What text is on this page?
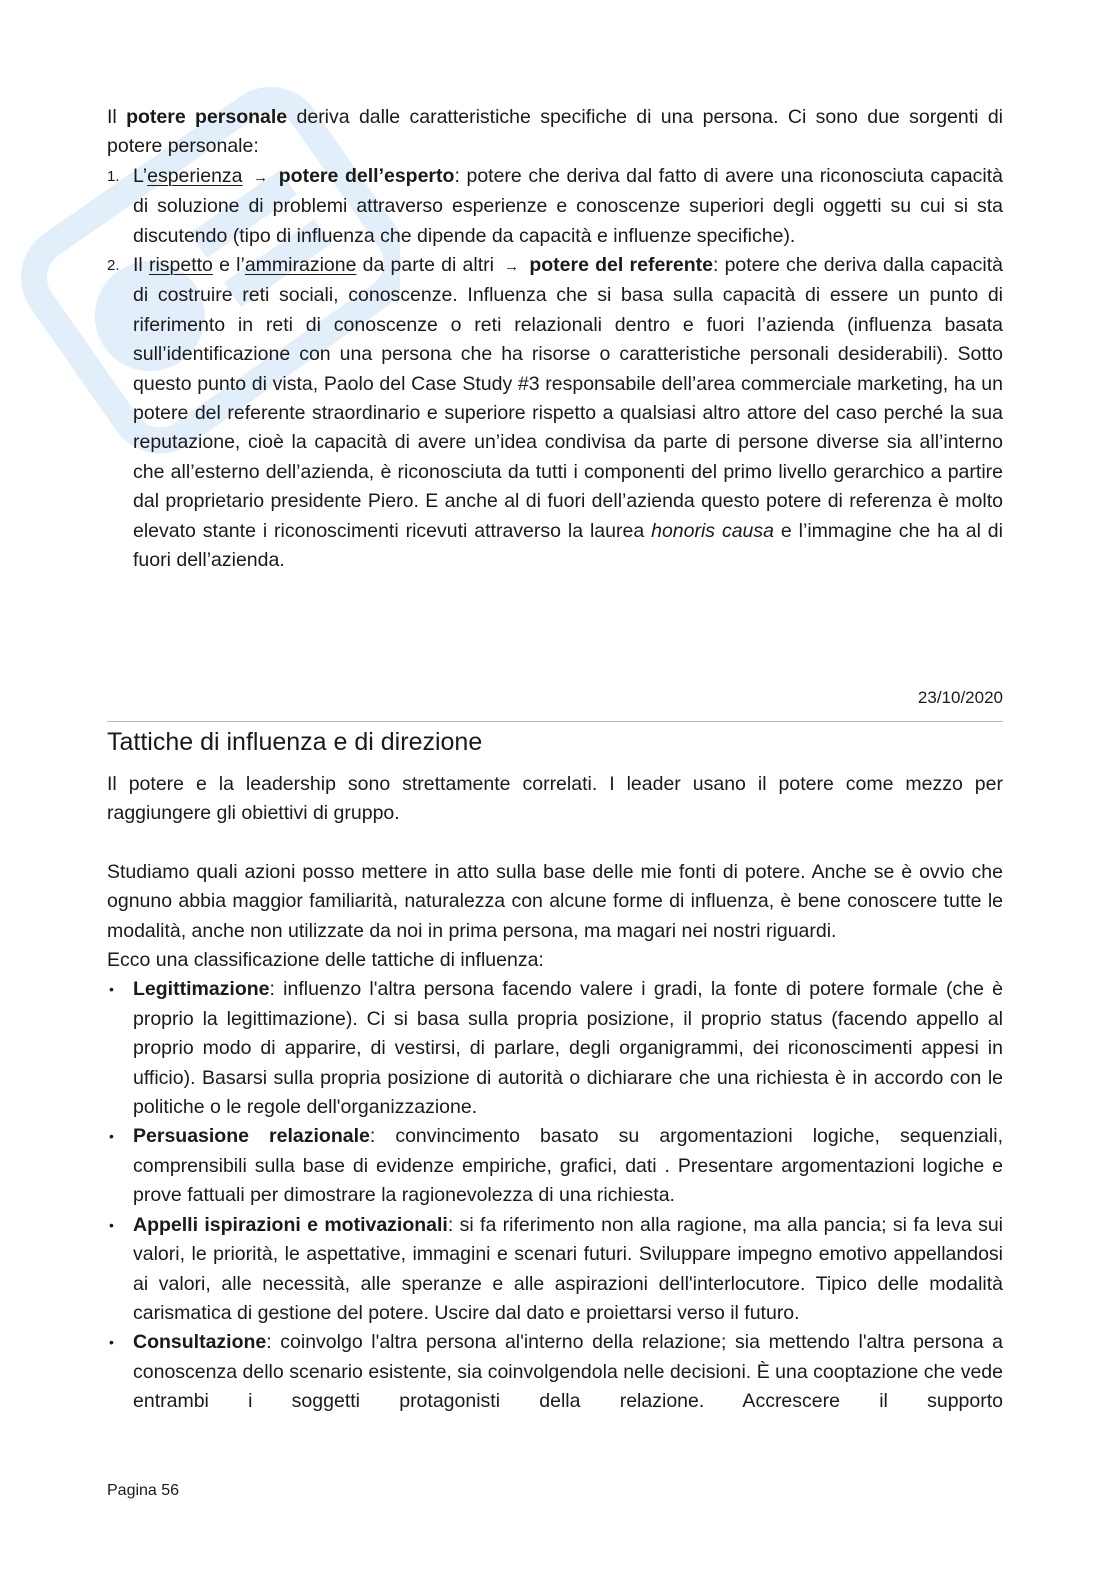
Il potere personale deriva dalle caratteristiche specifiche di una persona. Ci sono due sorgenti di potere personale:

1. L’esperienza → potere dell’esperto: potere che deriva dal fatto di avere una riconosciuta capacità di soluzione di problemi attraverso esperienze e conoscenze superiori degli oggetti su cui si sta discutendo (tipo di influenza che dipende da capacità e influenze specifiche).
2. Il rispetto e l’ammirazione da parte di altri → potere del referente: potere che deriva dalla capacità di costruire reti sociali, conoscenze. Influenza che si basa sulla capacità di essere un punto di riferimento in reti di conoscenze o reti relazionali dentro e fuori l’azienda (influenza basata sull’identificazione con una persona che ha risorse o caratteristiche personali desiderabili). Sotto questo punto di vista, Paolo del Case Study #3 responsabile dell’area commerciale marketing, ha un potere del referente straordinario e superiore rispetto a qualsiasi altro attore del caso perché la sua reputazione, cioè la capacità di avere un’idea condivisa da parte di persone diverse sia all’interno che all’esterno dell’azienda, è riconosciuta da tutti i componenti del primo livello gerarchico a partire dal proprietario presidente Piero. E anche al di fuori dell’azienda questo potere di referenza è molto elevato stante i riconoscimenti ricevuti attraverso la laurea honoris causa e l’immagine che ha al di fuori dell’azienda.
23/10/2020
Tattiche di influenza e di direzione

Il potere e la leadership sono strettamente correlati. I leader usano il potere come mezzo per raggiungere gli obiettivi di gruppo.

Studiamo quali azioni posso mettere in atto sulla base delle mie fonti di potere. Anche se è ovvio che ognuno abbia maggior familiarità, naturalezza con alcune forme di influenza, è bene conoscere tutte le modalità, anche non utilizzate da noi in prima persona, ma magari nei nostri riguardi.

Ecco una classificazione delle tattiche di influenza:

• Legittimazione: influenzo l'altra persona facendo valere i gradi, la fonte di potere formale (che è proprio la legittimazione). Ci si basa sulla propria posizione, il proprio status (facendo appello al proprio modo di apparire, di vestirsi, di parlare, degli organigrammi, dei riconoscimenti appesi in ufficio). Basarsi sulla propria posizione di autorità o dichiarare che una richiesta è in accordo con le politiche o le regole dell'organizzazione.
• Persuasione relazionale: convincimento basato su argomentazioni logiche, sequenziali, comprensibili sulla base di evidenze empiriche, grafici, dati . Presentare argomentazioni logiche e prove fattuali per dimostrare la ragionevolezza di una richiesta.
• Appelli ispirazioni e motivazionali: si fa riferimento non alla ragione, ma alla pancia; si fa leva sui valori, le priorità, le aspettative, immagini e scenari futuri. Sviluppare impegno emotivo appellandosi ai valori, alle necessità, alle speranze e alle aspirazioni dell'interlocutore. Tipico delle modalità carismatica di gestione del potere. Uscire dal dato e proiettarsi verso il futuro.
• Consultazione: coinvolgo l'altra persona al'interno della relazione; sia mettendo l'altra persona a conoscenza dello scenario esistente, sia coinvolgendola nelle decisioni. È una cooptazione che vede entrambi i soggetti protagonisti della relazione. Accrescere il supporto
Pagina 56
